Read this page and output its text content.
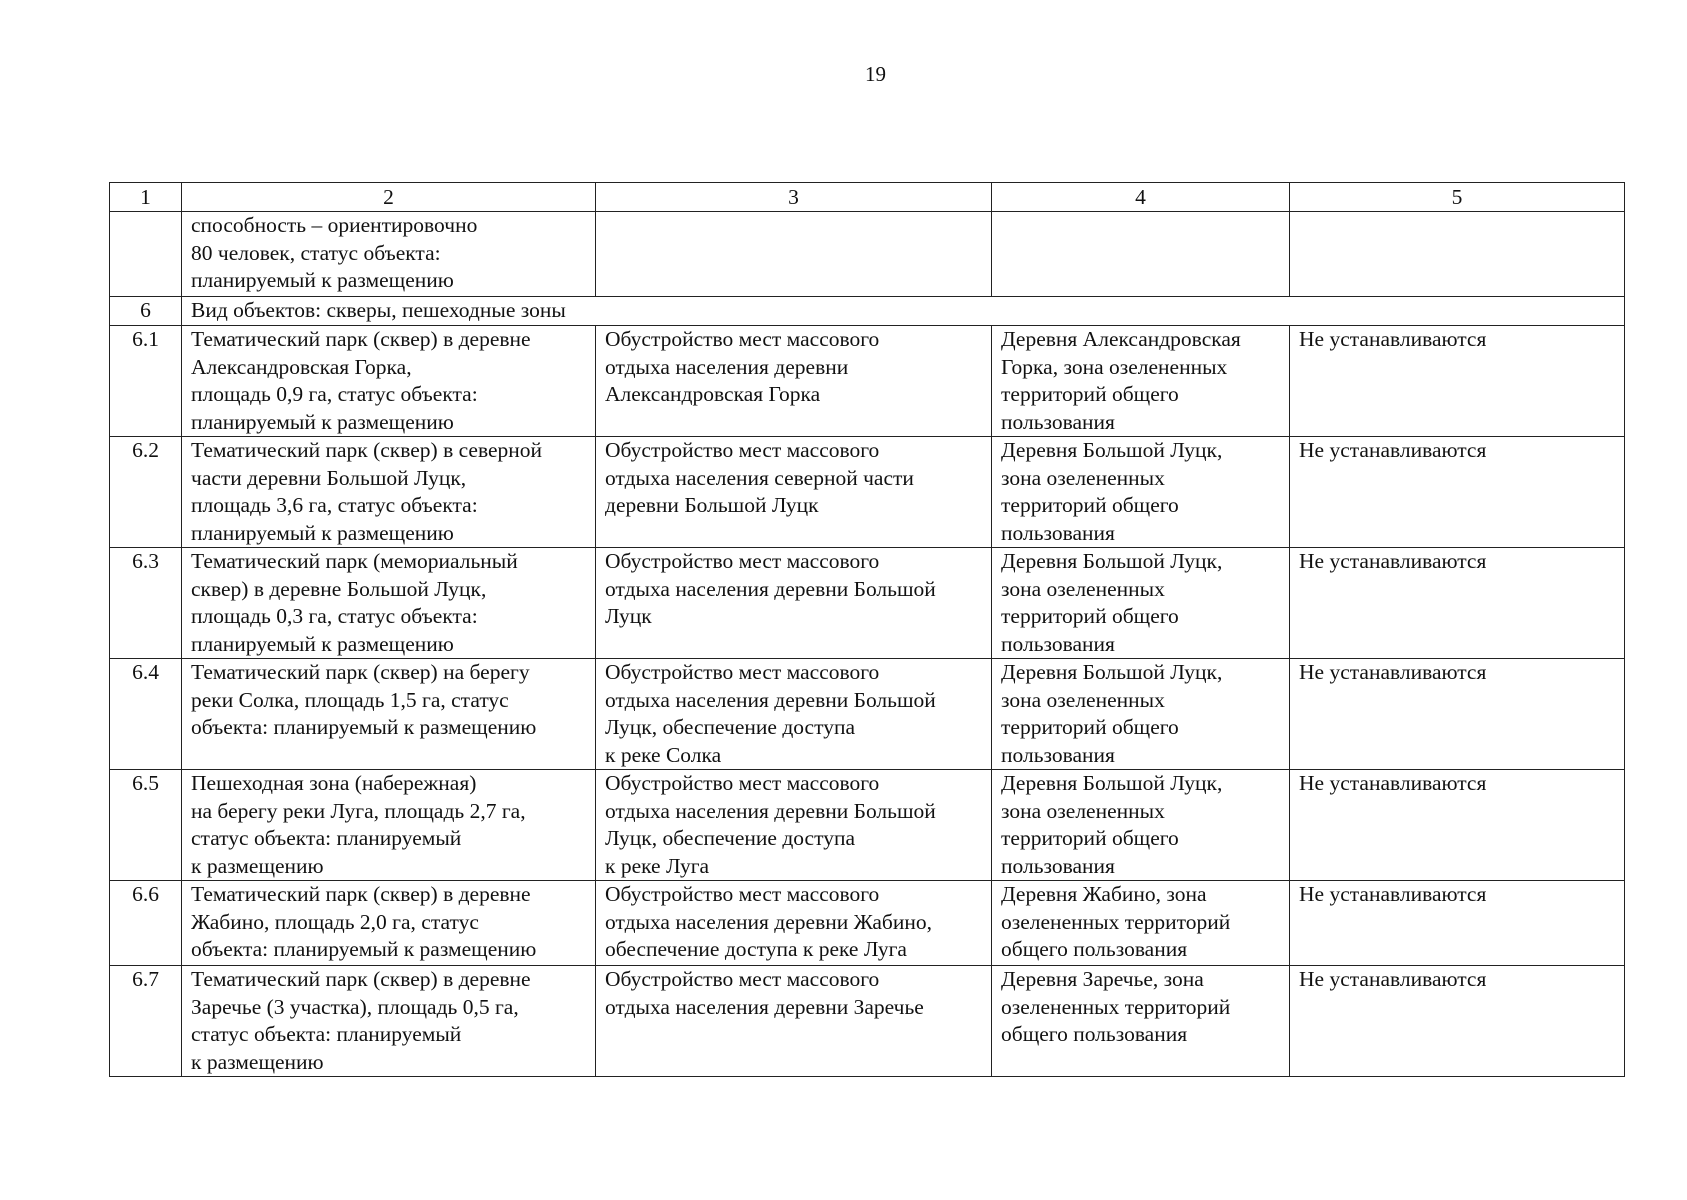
19
1	2	3	4	5
	способность – ориентировочно
80 человек, статус объекта:
планируемый к размещению			
6	Вид объектов: скверы, пешеходные зоны			
6.1	Тематический парк (сквер) в деревне
Александровская Горка,
площадь 0,9 га, статус объекта:
планируемый к размещению	Обустройство мест массового
отдыха населения деревни
Александровская Горка	Деревня Александровская
Горка, зона озелененных
территорий общего
пользования	Не устанавливаются
6.2	Тематический парк (сквер) в северной
части деревни Большой Луцк,
площадь 3,6 га, статус объекта:
планируемый к размещению	Обустройство мест массового
отдыха населения северной части
деревни Большой Луцк	Деревня Большой Луцк,
зона озелененных
территорий общего
пользования	Не устанавливаются
6.3	Тематический парк (мемориальный
сквер) в деревне Большой Луцк,
площадь 0,3 га, статус объекта:
планируемый к размещению	Обустройство мест массового
отдыха населения деревни Большой
Луцк	Деревня Большой Луцк,
зона озелененных
территорий общего
пользования	Не устанавливаются
6.4	Тематический парк (сквер) на берегу
реки Солка, площадь 1,5 га, статус
объекта: планируемый к размещению	Обустройство мест массового
отдыха населения деревни Большой
Луцк, обеспечение доступа
к реке Солка	Деревня Большой Луцк,
зона озелененных
территорий общего
пользования	Не устанавливаются
6.5	Пешеходная зона (набережная)
на берегу реки Луга, площадь 2,7 га,
статус объекта: планируемый
к размещению	Обустройство мест массового
отдыха населения деревни Большой
Луцк, обеспечение доступа
к реке Луга	Деревня Большой Луцк,
зона озелененных
территорий общего
пользования	Не устанавливаются
6.6	Тематический парк (сквер) в деревне
Жабино, площадь 2,0 га, статус
объекта: планируемый к размещению	Обустройство мест массового
отдыха населения деревни Жабино,
обеспечение доступа к реке Луга	Деревня Жабино, зона
озелененных территорий
общего пользования	Не устанавливаются
6.7	Тематический парк (сквер) в деревне
Заречье (3 участка), площадь 0,5 га,
статус объекта: планируемый
к размещению	Обустройство мест массового
отдыха населения деревни Заречье	Деревня Заречье, зона
озелененных территорий
общего пользования	Не устанавливаются
